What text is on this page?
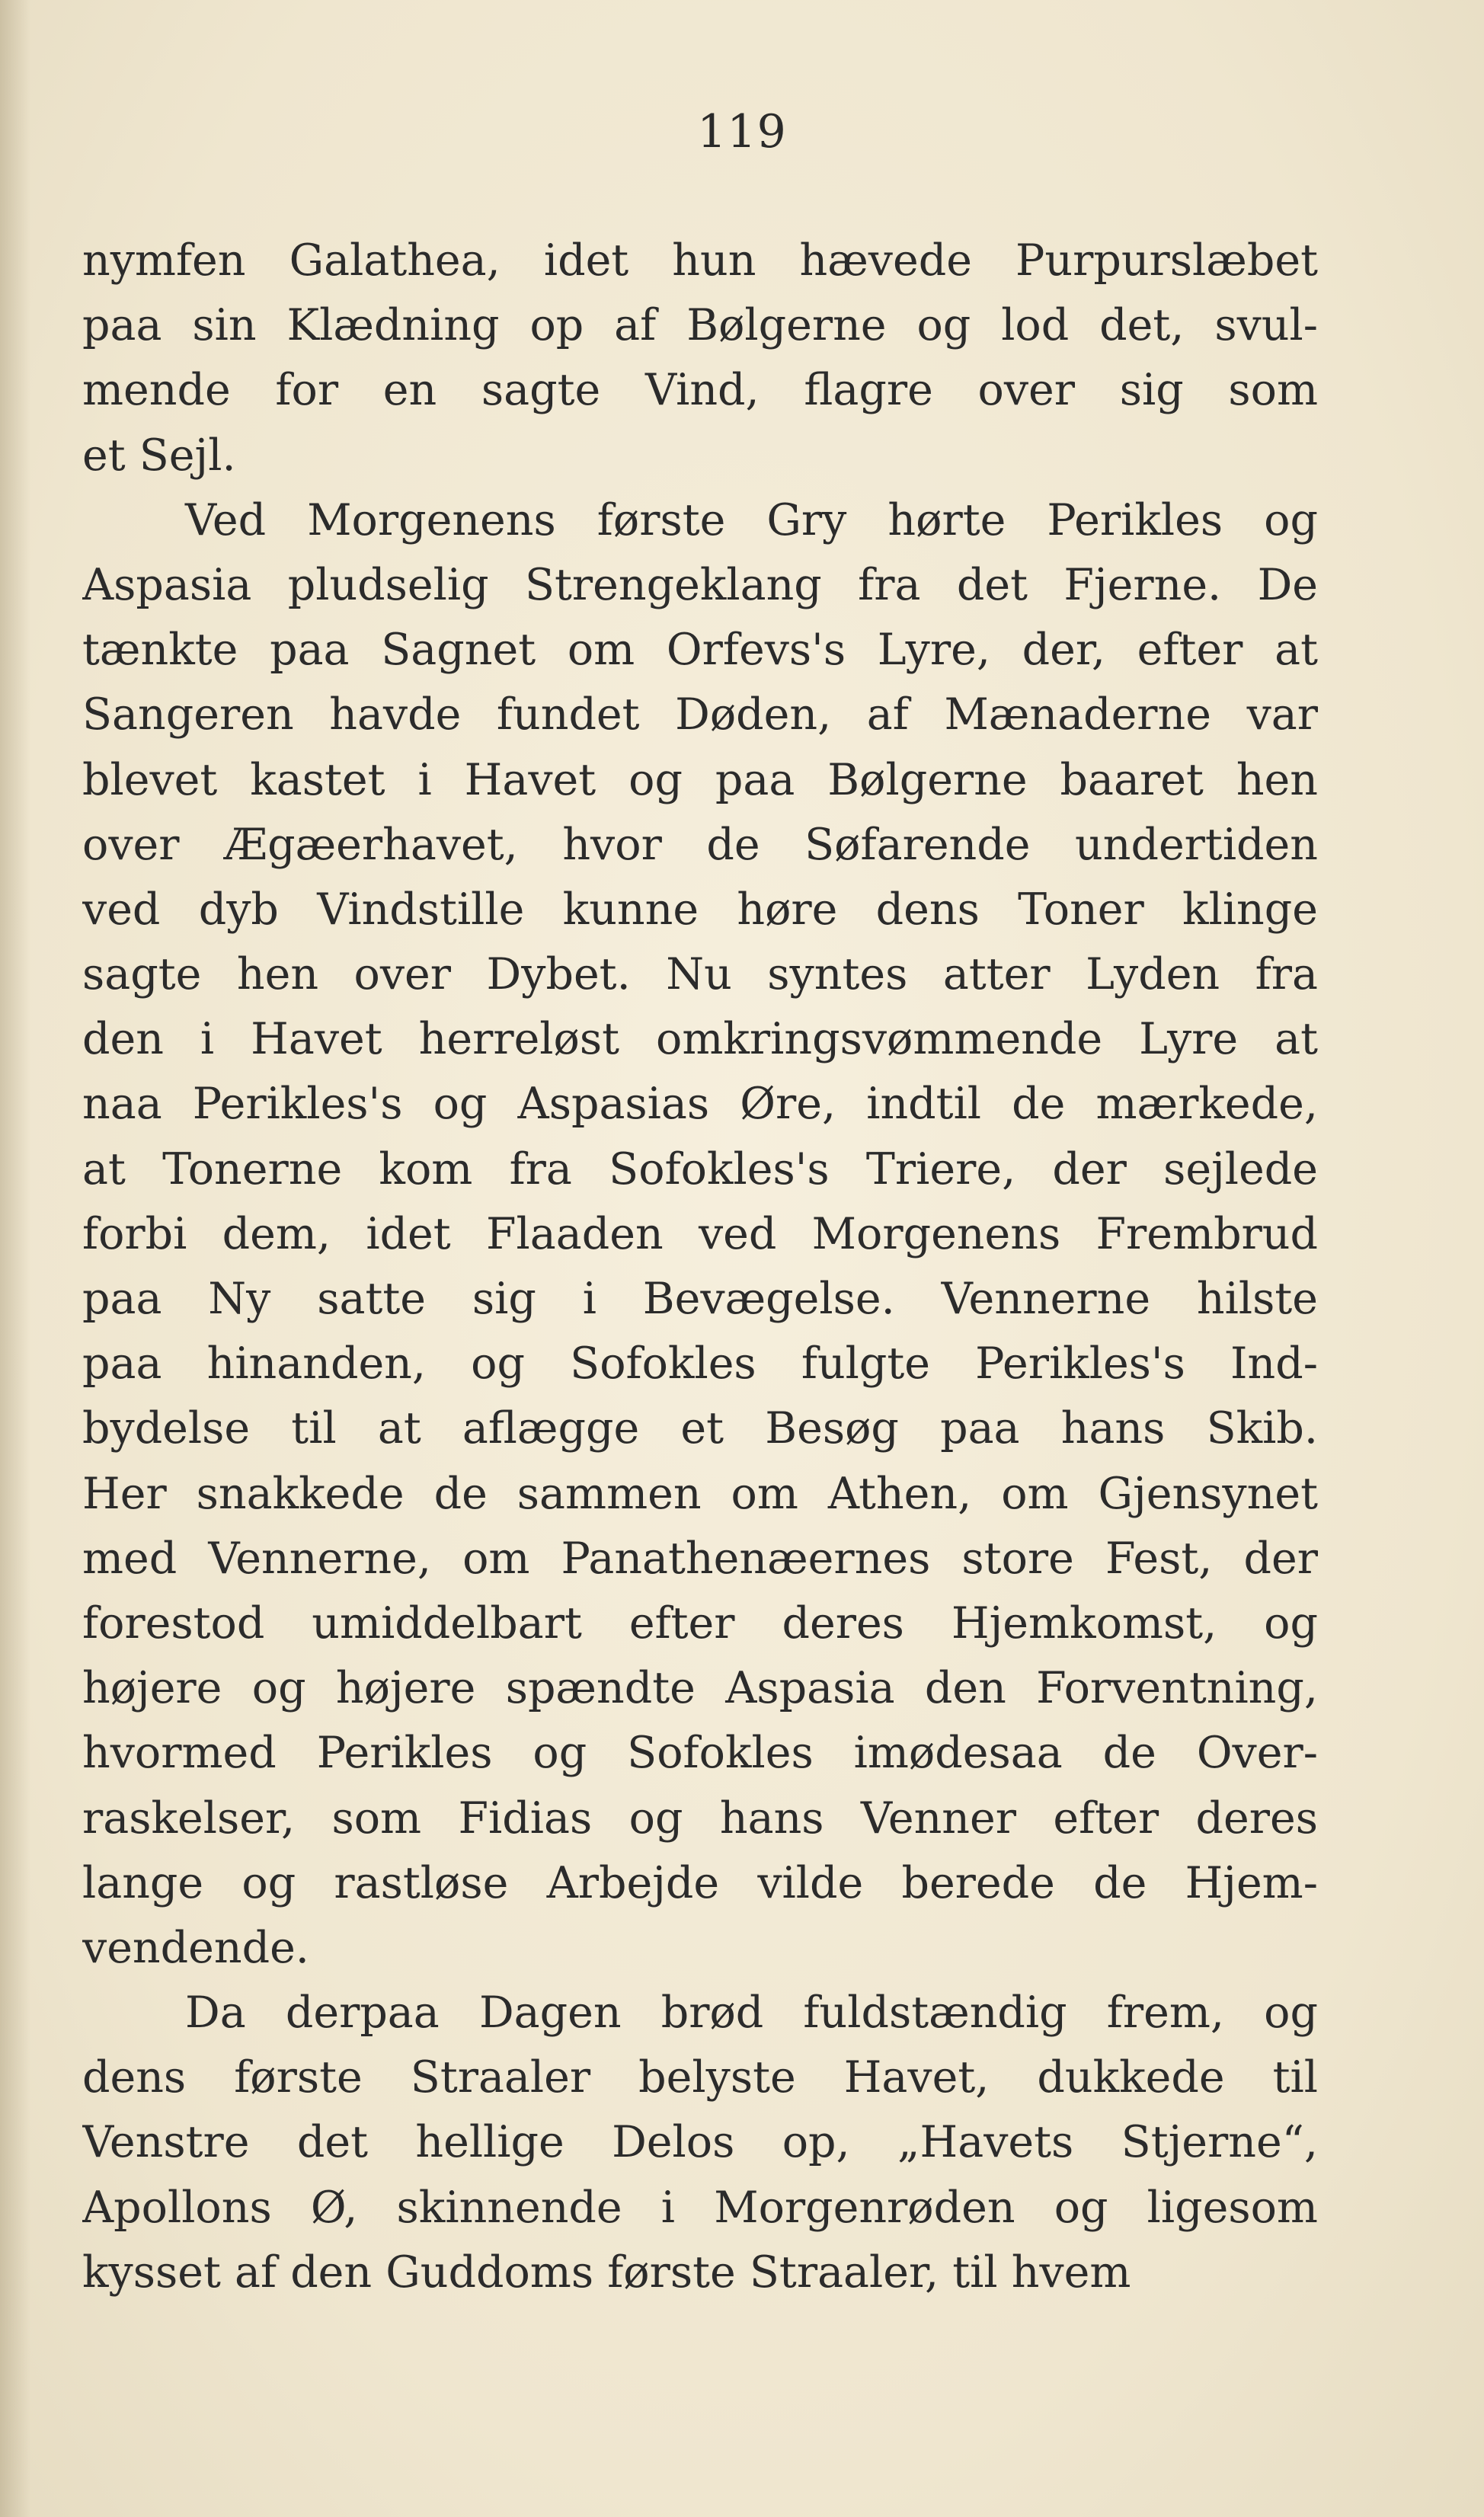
119

nymfen Galathea, idet hun hævede Purpurslæbet
paa sin Klædning op af Bølgerne og lod det, svul-
mende for en sagte Vind, flagre over sig som
et Sejl.
Ved Morgenens første Gry hørte Perikles og
Aspasia pludselig Strengeklang fra det Fjerne. De
tænkte paa Sagnet om Orfevs's Lyre, der, efter at
Sangeren havde fundet Døden, af Mænaderne var
blevet kastet i Havet og paa Bølgerne baaret hen
over Ægæerhavet, hvor de Søfarende undertiden
ved dyb Vindstille kunne høre dens Toner klinge
sagte hen over Dybet. Nu syntes atter Lyden fra
den i Havet herreløst omkringsvømmende Lyre at
naa Perikles's og Aspasias Øre, indtil de mærkede,
at Tonerne kom fra Sofokles's Triere, der sejlede
forbi dem, idet Flaaden ved Morgenens Frembrud
paa Ny satte sig i Bevægelse. Vennerne hilste
paa hinanden, og Sofokles fulgte Perikles's Ind-
bydelse til at aflægge et Besøg paa hans Skib.
Her snakkede de sammen om Athen, om Gjensynet
med Vennerne, om Panathenæernes store Fest, der
forestod umiddelbart efter deres Hjemkomst, og
højere og højere spændte Aspasia den Forventning,
hvormed Perikles og Sofokles imødesaa de Over-
raskelser, som Fidias og hans Venner efter deres
lange og rastløse Arbejde vilde berede de Hjem-
vendende.
Da derpaa Dagen brød fuldstændig frem, og
dens første Straaler belyste Havet, dukkede til
Venstre det hellige Delos op, „Havets Stjerne“,
Apollons Ø, skinnende i Morgenrøden og ligesom
kysset af den Guddoms første Straaler, til hvem
